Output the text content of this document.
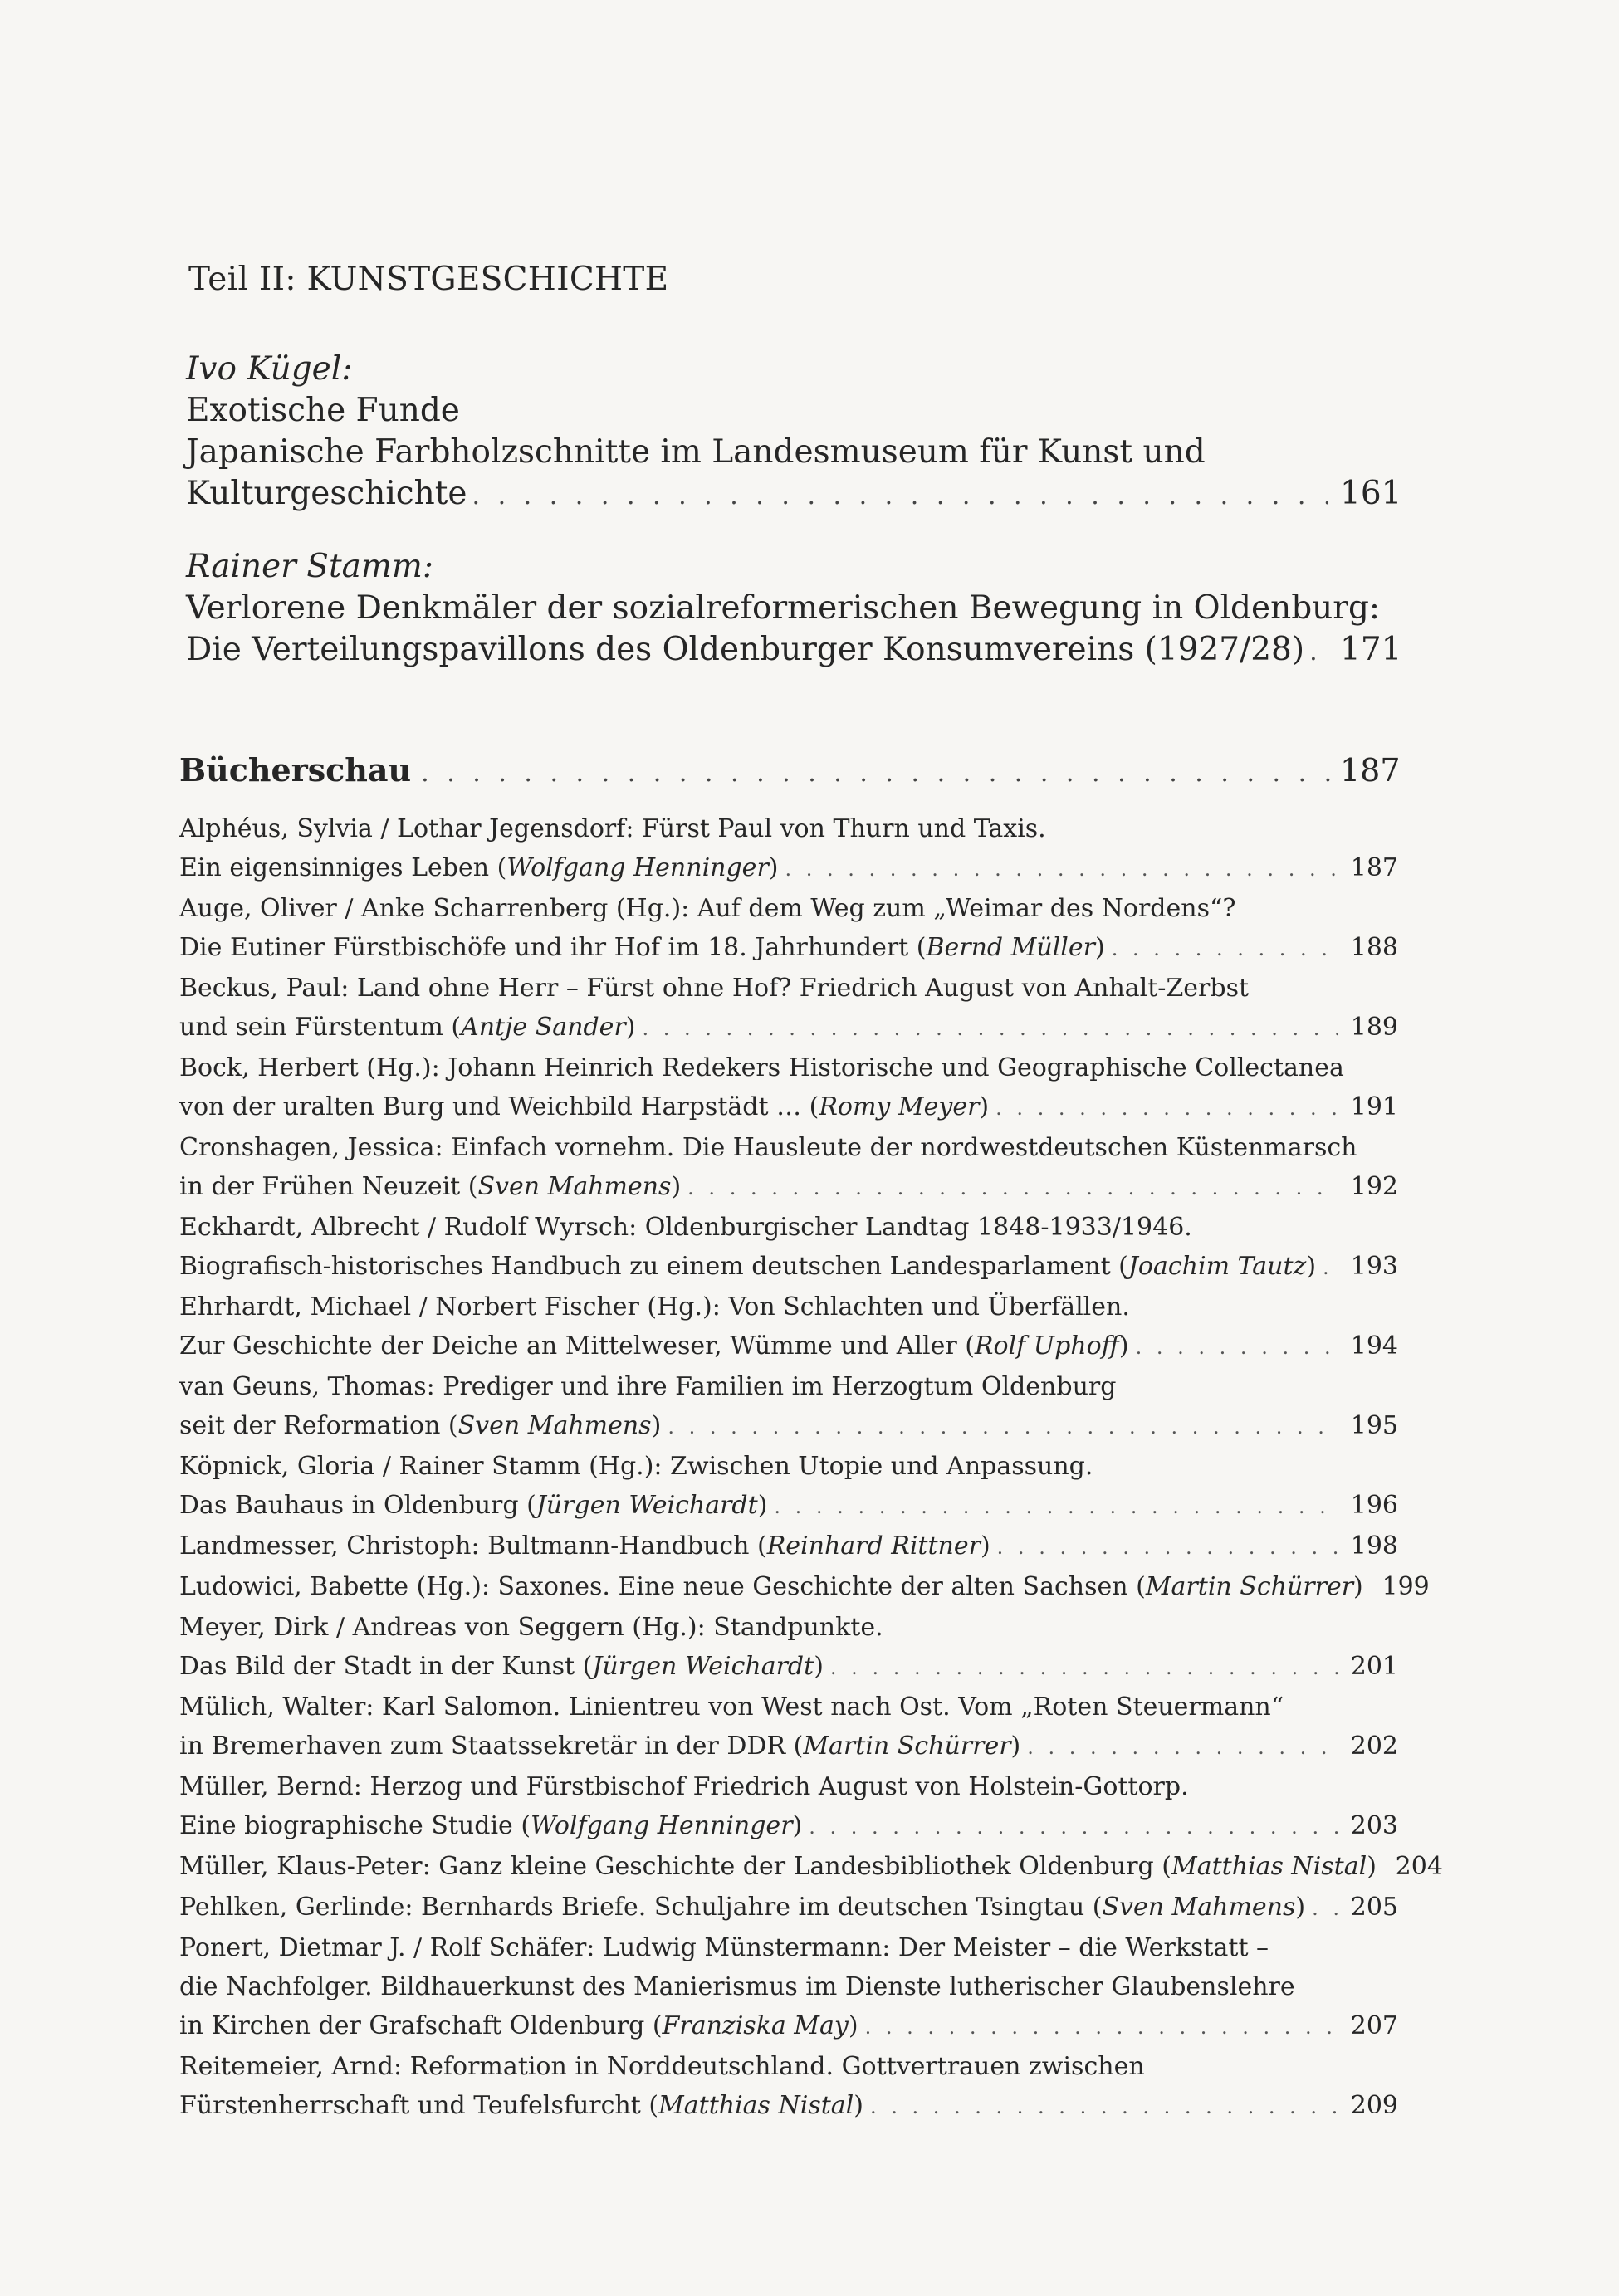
Teil II: KUNSTGESCHICHTE
Ivo Kügel:
Exotische Funde
Japanische Farbholzschnitte im Landesmuseum für Kunst und
Kulturgeschichte . . .	161
Rainer Stamm:
Verlorene Denkmäler der sozialreformerischen Bewegung in Oldenburg:
Die Verteilungspavillons des Oldenburger Konsumvereins (1927/28) . . . 171
Bücherschau . . .	187
Alphéus, Sylvia / Lothar Jegensdorf: Fürst Paul von Thurn und Taxis.
Ein eigensinniges Leben (Wolfgang Henninger) . . .	187
Auge, Oliver / Anke Scharrenberg (Hg.): Auf dem Weg zum „Weimar des Nordens“?
Die Eutiner Fürstbischöfe und ihr Hof im 18. Jahrhundert (Bernd Müller) . . .	188
Beckus, Paul: Land ohne Herr – Fürst ohne Hof? Friedrich August von Anhalt-Zerbst
und sein Fürstentum (Antje Sander) . . .	189
Bock, Herbert (Hg.): Johann Heinrich Redekers Historische und Geographische Collectanea
von der uralten Burg und Weichbild Harpstädt … (Romy Meyer) . . .	191
Cronshagen, Jessica: Einfach vornehm. Die Hausleute der nordwestdeutschen Küstenmarsch
in der Frühen Neuzeit (Sven Mahmens) . . .	192
Eckhardt, Albrecht / Rudolf Wyrsch: Oldenburgischer Landtag 1848-1933/1946.
Biografisch-historisches Handbuch zu einem deutschen Landesparlament (Joachim Tautz) . . . 193
Ehrhardt, Michael / Norbert Fischer (Hg.): Von Schlachten und Überfällen.
Zur Geschichte der Deiche an Mittelweser, Wümme und Aller (Rolf Uphoff) . . .	194
van Geuns, Thomas: Prediger und ihre Familien im Herzogtum Oldenburg
seit der Reformation (Sven Mahmens) . . .	195
Köpnick, Gloria / Rainer Stamm (Hg.): Zwischen Utopie und Anpassung.
Das Bauhaus in Oldenburg (Jürgen Weichardt) . . .	196
Landmesser, Christoph: Bultmann-Handbuch (Reinhard Rittner) . . .	198
Ludowici, Babette (Hg.): Saxones. Eine neue Geschichte der alten Sachsen (Martin Schürrer) 199
Meyer, Dirk / Andreas von Seggern (Hg.): Standpunkte.
Das Bild der Stadt in der Kunst (Jürgen Weichardt) . . .	201
Mülich, Walter: Karl Salomon. Linientreu von West nach Ost. Vom „Roten Steuermann“
in Bremerhaven zum Staatssekretär in der DDR (Martin Schürrer) . . .	202
Müller, Bernd: Herzog und Fürstbischof Friedrich August von Holstein-Gottorp.
Eine biographische Studie (Wolfgang Henninger) . . .	203
Müller, Klaus-Peter: Ganz kleine Geschichte der Landesbibliothek Oldenburg (Matthias Nistal) 204
Pehlken, Gerlinde: Bernhards Briefe. Schuljahre im deutschen Tsingtau (Sven Mahmens) . . . 205
Ponert, Dietmar J. / Rolf Schäfer: Ludwig Münstermann: Der Meister – die Werkstatt –
die Nachfolger. Bildhauerkunst des Manierismus im Dienste lutherischer Glaubenslehre
in Kirchen der Grafschaft Oldenburg (Franziska May) . . .	207
Reitemeier, Arnd: Reformation in Norddeutschland. Gottvertrauen zwischen
Fürstenherrschaft und Teufelsfurcht (Matthias Nistal) . . .	209
